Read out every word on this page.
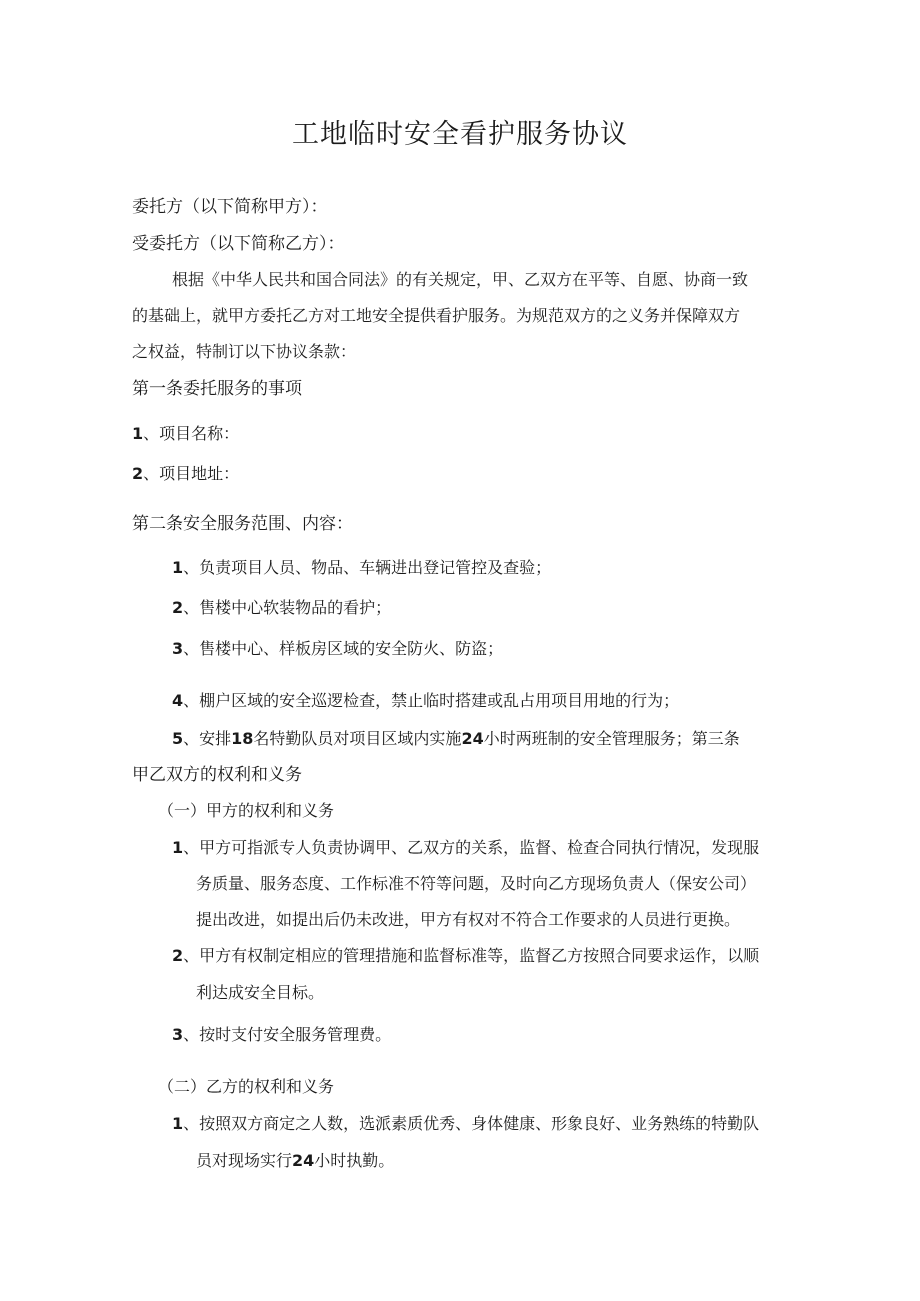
工地临时安全看护服务协议
委托方（以下简称甲方）：
受委托方（以下简称乙方）：
根据《中华人民共和国合同法》的有关规定，甲、乙双方在平等、自愿、协商一致
的基础上，就甲方委托乙方对工地安全提供看护服务。为规范双方的之义务并保障双方
之权益，特制订以下协议条款：
第一条委托服务的事项
1、项目名称：
2、项目地址：
第二条安全服务范围、内容：
1、负责项目人员、物品、车辆进出登记管控及查验；
2、售楼中心软装物品的看护；
3、售楼中心、样板房区域的安全防火、防盗；
4、棚户区域的安全巡逻检查，禁止临时搭建或乱占用项目用地的行为；
5、安排18名特勤队员对项目区域内实施24小时两班制的安全管理服务；第三条
甲乙双方的权利和义务
（一）甲方的权利和义务
1、甲方可指派专人负责协调甲、乙双方的关系，监督、检查合同执行情况，发现服
务质量、服务态度、工作标准不符等问题，及时向乙方现场负责人（保安公司）
提出改进，如提出后仍未改进，甲方有权对不符合工作要求的人员进行更换。
2、甲方有权制定相应的管理措施和监督标准等，监督乙方按照合同要求运作，以顺
利达成安全目标。
3、按时支付安全服务管理费。
（二）乙方的权利和义务
1、按照双方商定之人数，选派素质优秀、身体健康、形象良好、业务熟练的特勤队
员对现场实行24小时执勤。
